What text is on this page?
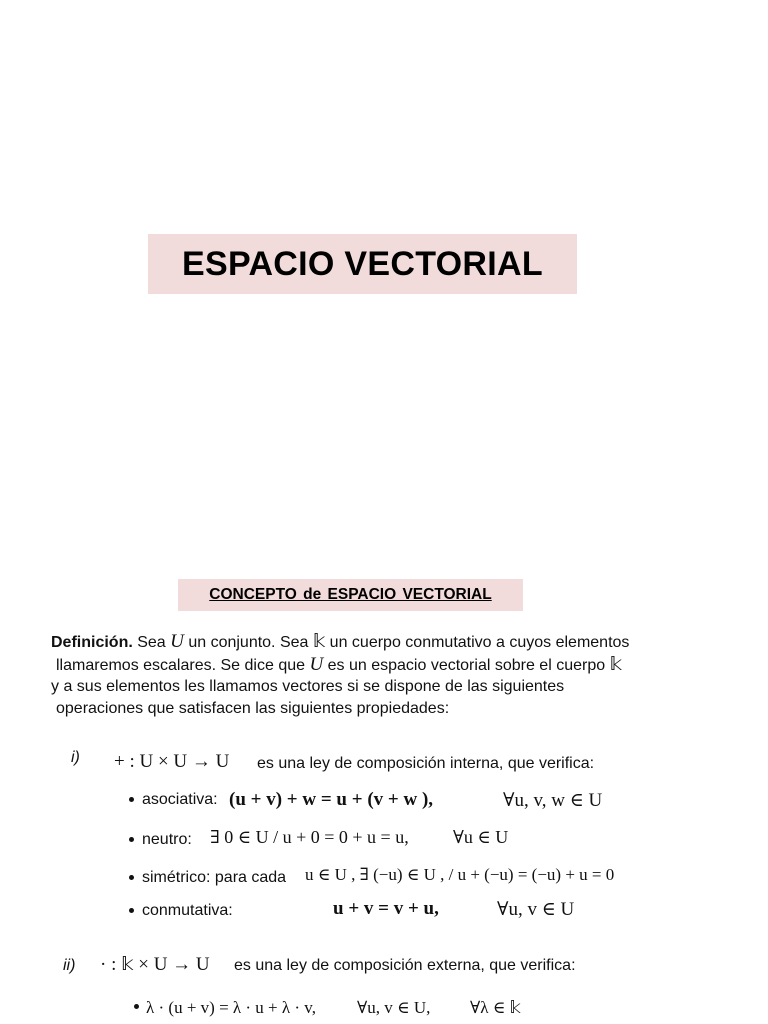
ESPACIO VECTORIAL
CONCEPTO de ESPACIO VECTORIAL
Definición. Sea U un conjunto. Sea 𝕜 un cuerpo conmutativo a cuyos elementos
llamaremos escalares. Se dice que U es un espacio vectorial sobre el cuerpo 𝕜
y a sus elementos les llamamos vectores si se dispone de las siguientes
operaciones que satisfacen las siguientes propiedades:
i) + : U × U → U es una ley de composición interna, que verifica:
asociativa: (u + v) + w = u + (v + w ),	∀u, v, w ∈ U
neutro: ∃ 0 ∈ U / u + 0 = 0 + u = u, ∀u ∈ U
simétrico: para cada u ∈ U , ∃ (−u) ∈ U , / u + (−u) = (−u) + u = 0
conmutativa:	u + v = v + u,	∀u, v ∈ U
ii) · : 𝕜 × U → U es una ley de composición externa, que verifica:
λ · (u + v) = λ · u + λ · v, ∀u, v ∈ U, ∀λ ∈ 𝕜
